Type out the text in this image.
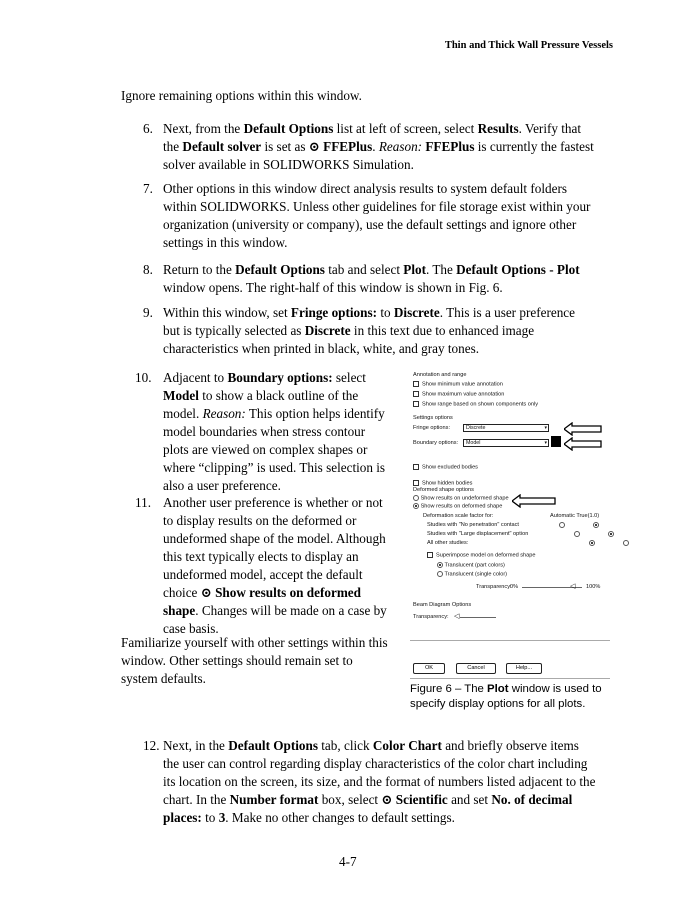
Thin and Thick Wall Pressure Vessels
Ignore remaining options within this window.
6. Next, from the Default Options list at left of screen, select Results. Verify that
the Default solver is set as ⊙ FFEPlus. Reason: FFEPlus is currently the fastest
solver available in SOLIDWORKS Simulation.
7. Other options in this window direct analysis results to system default folders
within SOLIDWORKS. Unless other guidelines for file storage exist within your
organization (university or company), use the default settings and ignore other
settings in this window.
8. Return to the Default Options tab and select Plot. The Default Options - Plot
window opens. The right-half of this window is shown in Fig. 6.
9. Within this window, set Fringe options: to Discrete. This is a user preference
but is typically selected as Discrete in this text due to enhanced image
characteristics when printed in black, white, and gray tones.
10. Adjacent to Boundary options: select
Model to show a black outline of the
model. Reason: This option helps identify
model boundaries when stress contour
plots are viewed on complex shapes or
where “clipping” is used. This selection is
also a user preference.
11. Another user preference is whether or not
to display results on the deformed or
undeformed shape of the model. Although
this text typically elects to display an
undeformed model, accept the default
choice ⊙ Show results on deformed
shape. Changes will be made on a case by
case basis.
Familiarize yourself with other settings within this
window. Other settings should remain set to
system defaults.
Annotation and range
Show minimum value annotation
Show maximum value annotation
Show range based on shown components only
Settings options
Fringe options:	Discrete	▾
Boundary options:	Model	▾
Show excluded bodies
Show hidden bodies
Deformed shape options
Show results on undeformed shape
Show results on deformed shape
Deformation scale factor for:	Automatic True(1.0)
Studies with "No penetration" contact

Studies with "Large displacement" option

All other studies:

Superimpose model on deformed shape
Translucent (part colors)
Translucent (single color)
Transparency:
0%	◁ 100%
Beam Diagram Options
Transparency: ◁
OK	Cancel	Help...
Figure 6 – The Plot window is used to
specify display options for all plots.
12. Next, in the Default Options tab, click Color Chart and briefly observe items
the user can control regarding display characteristics of the color chart including
its location on the screen, its size, and the format of numbers listed adjacent to the
chart. In the Number format box, select ⊙ Scientific and set No. of decimal
places: to 3. Make no other changes to default settings.
4-7
